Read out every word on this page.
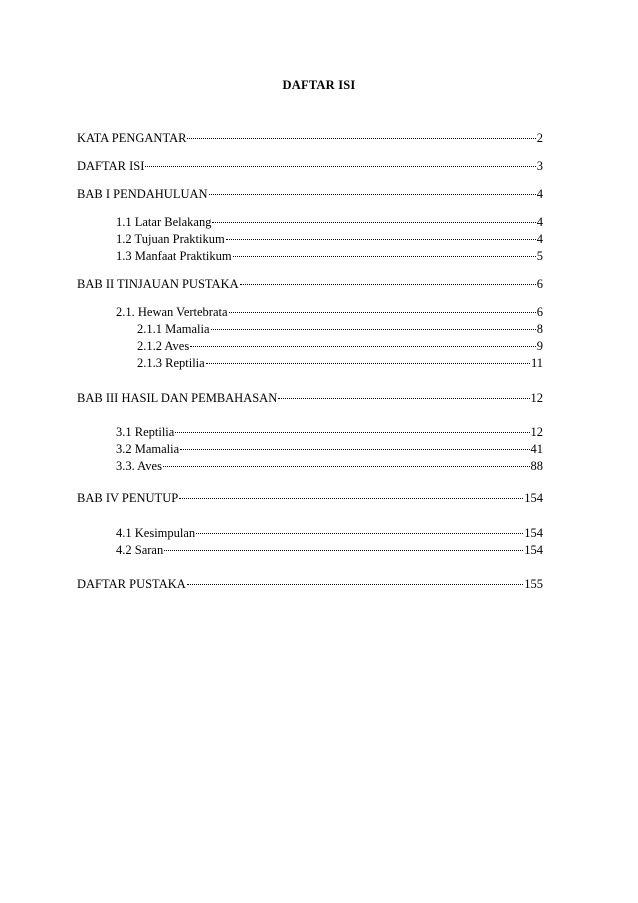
DAFTAR ISI
KATA PENGANTAR	2
DAFTAR ISI	3
BAB I PENDAHULUAN	4
1.1 Latar Belakang	4
1.2 Tujuan Praktikum	4
1.3 Manfaat Praktikum	5
BAB II TINJAUAN PUSTAKA	6
2.1. Hewan Vertebrata	6
2.1.1 Mamalia	8
2.1.2 Aves	9
2.1.3 Reptilia	11
BAB III HASIL DAN PEMBAHASAN	12
3.1 Reptilia	12
3.2 Mamalia	41
3.3. Aves	88
BAB IV PENUTUP	154
4.1 Kesimpulan	154
4.2 Saran	154
DAFTAR PUSTAKA	155
